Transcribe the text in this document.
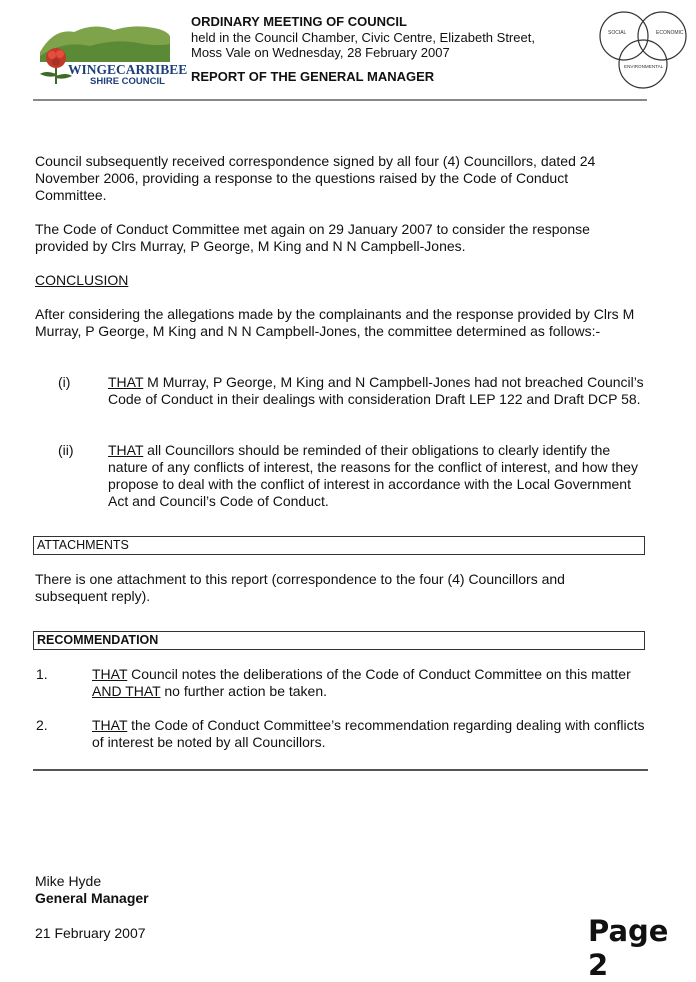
WINGECARRIBEE
SHIRE COUNCIL
ORDINARY MEETING OF COUNCIL
held in the Council Chamber, Civic Centre, Elizabeth Street,
Moss Vale on Wednesday, 28 February 2007
REPORT OF THE GENERAL MANAGER
SOCIAL	ECONOMIC
ENVIRONMENTAL

Council subsequently received correspondence signed by all four (4) Councillors, dated 24 November 2006, providing a response to the questions raised by the Code of Conduct Committee.

The Code of Conduct Committee met again on 29 January 2007 to consider the response provided by Clrs Murray, P George, M King and N N Campbell-Jones.

CONCLUSION

After considering the allegations made by the complainants and the response provided by Clrs M Murray, P George, M King and N N Campbell-Jones, the committee determined as follows:-

(i)	THAT M Murray, P George, M King and N Campbell-Jones had not breached Council’s Code of Conduct in their dealings with consideration Draft LEP 122 and Draft DCP 58.
(ii) THAT all Councillors should be reminded of their obligations to clearly identify the nature of any conflicts of interest, the reasons for the conflict of interest, and how they propose to deal with the conflict of interest in accordance with the Local Government Act and Council’s Code of Conduct.
ATTACHMENTS

There is one attachment to this report (correspondence to the four (4) Councillors and subsequent reply).

RECOMMENDATION
1.	THAT Council notes the deliberations of the Code of Conduct Committee on this matter AND THAT no further action be taken.
2.	THAT the Code of Conduct Committee’s recommendation regarding dealing with conflicts of interest be noted by all Councillors.
Mike Hyde
General Manager
21 February 2007	Page 2
